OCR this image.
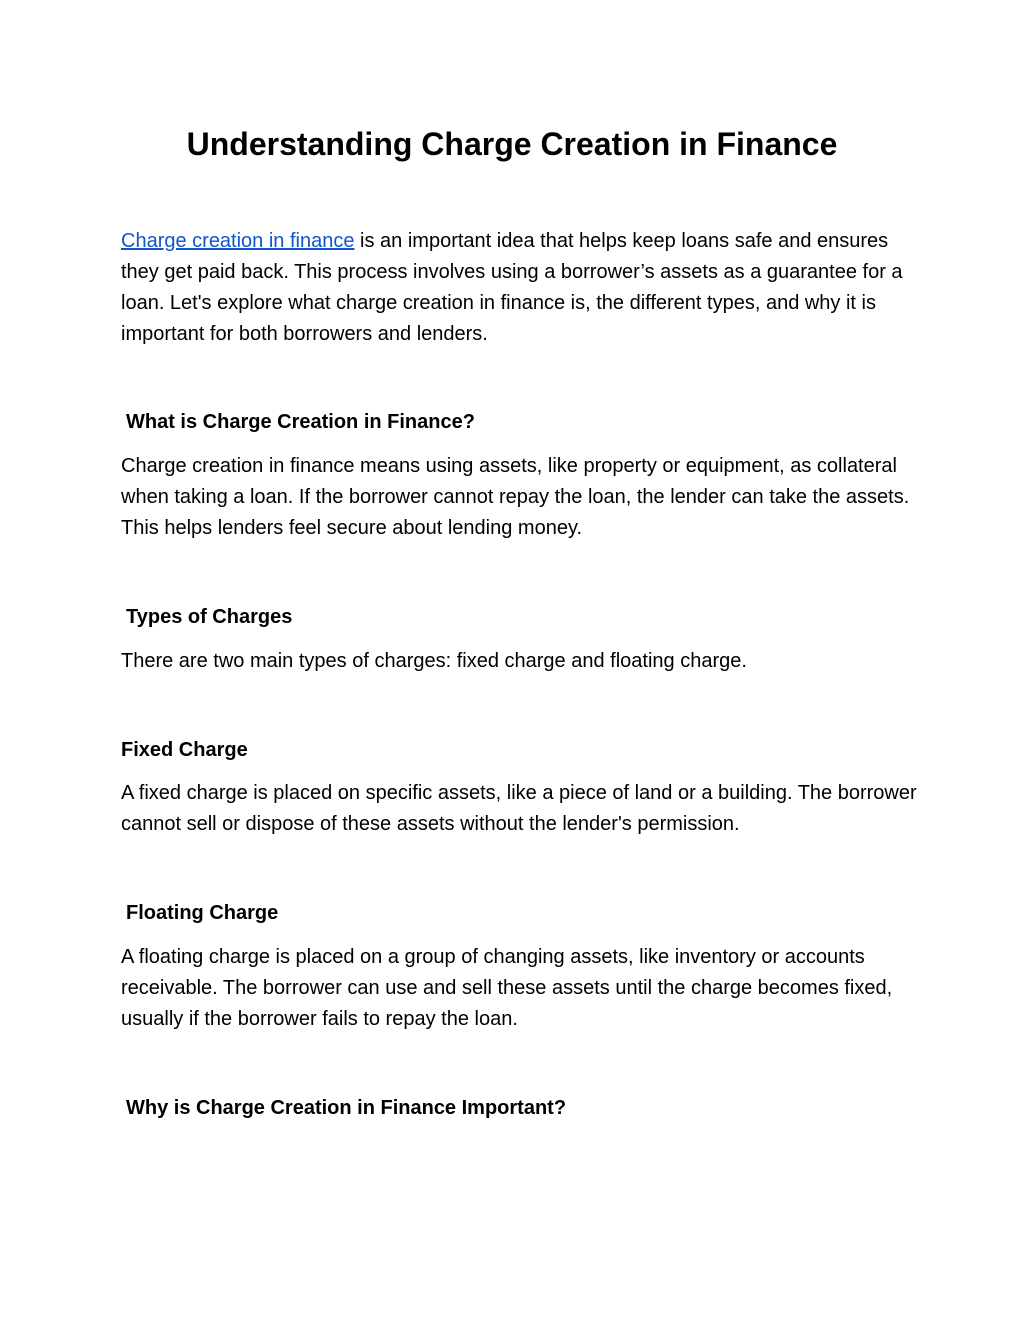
Understanding Charge Creation in Finance

Charge creation in finance is an important idea that helps keep loans safe and ensures they get paid back. This process involves using a borrower’s assets as a guarantee for a loan. Let's explore what charge creation in finance is, the different types, and why it is important for both borrowers and lenders.

What is Charge Creation in Finance?

Charge creation in finance means using assets, like property or equipment, as collateral when taking a loan. If the borrower cannot repay the loan, the lender can take the assets. This helps lenders feel secure about lending money.

Types of Charges

There are two main types of charges: fixed charge and floating charge.

Fixed Charge

A fixed charge is placed on specific assets, like a piece of land or a building. The borrower cannot sell or dispose of these assets without the lender's permission.

Floating Charge

A floating charge is placed on a group of changing assets, like inventory or accounts receivable. The borrower can use and sell these assets until the charge becomes fixed, usually if the borrower fails to repay the loan.

Why is Charge Creation in Finance Important?
